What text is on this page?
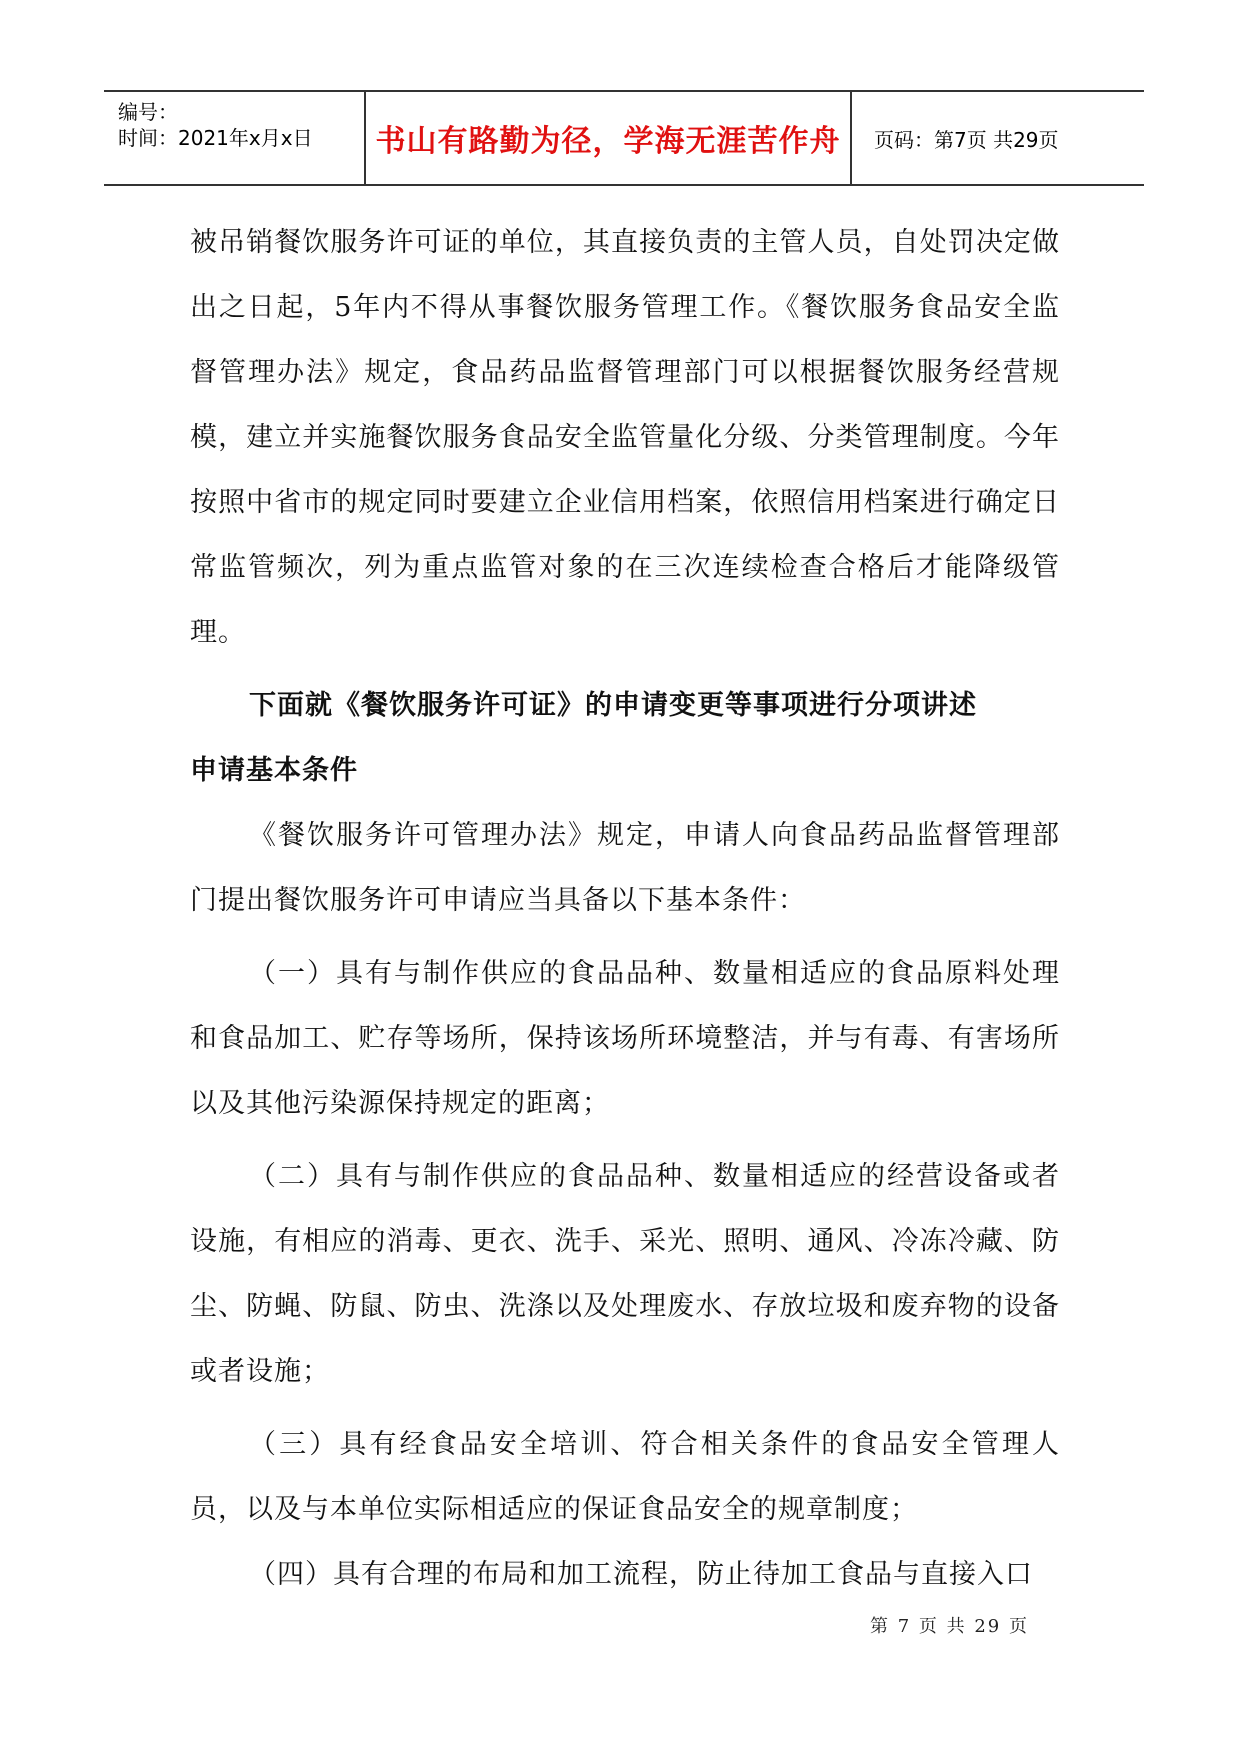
编号：
时间：2021年x月x日	书山有路勤为径，学海无涯苦作舟	页码：第7页 共29页

被吊销餐饮服务许可证的单位，其直接负责的主管人员，自处罚决定做出之日起，5年内不得从事餐饮服务管理工作。《餐饮服务食品安全监督管理办法》规定，食品药品监督管理部门可以根据餐饮服务经营规模，建立并实施餐饮服务食品安全监管量化分级、分类管理制度。今年按照中省市的规定同时要建立企业信用档案，依照信用档案进行确定日常监管频次，列为重点监管对象的在三次连续检查合格后才能降级管理。

下面就《餐饮服务许可证》的申请变更等事项进行分项讲述

申请基本条件

《餐饮服务许可管理办法》规定，申请人向食品药品监督管理部门提出餐饮服务许可申请应当具备以下基本条件：

（一）具有与制作供应的食品品种、数量相适应的食品原料处理和食品加工、贮存等场所，保持该场所环境整洁，并与有毒、有害场所以及其他污染源保持规定的距离；

（二）具有与制作供应的食品品种、数量相适应的经营设备或者设施，有相应的消毒、更衣、洗手、采光、照明、通风、冷冻冷藏、防尘、防蝇、防鼠、防虫、洗涤以及处理废水、存放垃圾和废弃物的设备或者设施；

（三）具有经食品安全培训、符合相关条件的食品安全管理人员，以及与本单位实际相适应的保证食品安全的规章制度；

（四）具有合理的布局和加工流程，防止待加工食品与直接入口

第 7 页 共 29 页
